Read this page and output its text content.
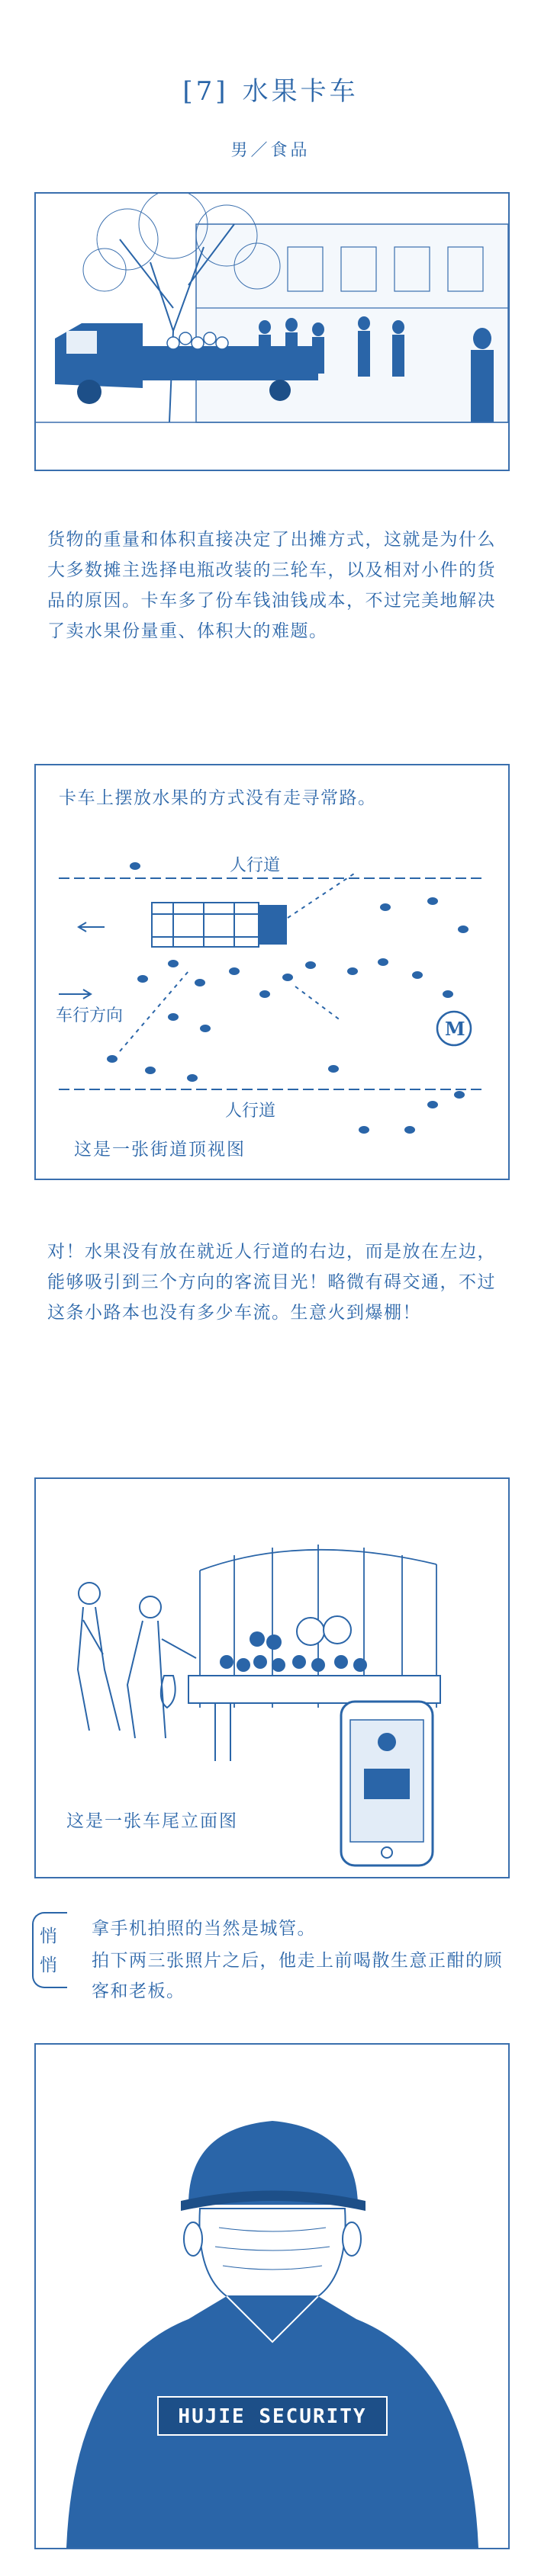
[7] 水果卡车
男／食品
货物的重量和体积直接决定了出摊方式，这就是为什么大多数摊主选择电瓶改装的三轮车，以及相对小件的货品的原因。卡车多了份车钱油钱成本，不过完美地解决了卖水果份量重、体积大的难题。
卡车上摆放水果的方式没有走寻常路。
人行道
人行道
车行方向
M
这是一张街道顶视图
对！水果没有放在就近人行道的右边，而是放在左边，能够吸引到三个方向的客流目光！略微有碍交通，不过这条小路本也没有多少车流。生意火到爆棚！
这是一张车尾立面图
悄
悄
拿手机拍照的当然是城管。
拍下两三张照片之后，他走上前喝散生意正酣的顾客和老板。
HUJIE SECURITY
